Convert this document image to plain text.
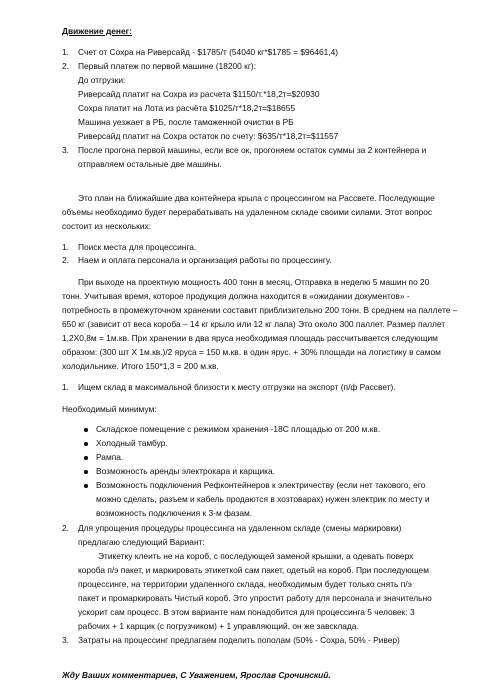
Движение денег:
1. Счет от Сохра на Риверсайд - $1785/т (54040 кг*$1785 = $96461,4)
2. Первый платеж по первой машине (18200 кг):
До отгрузки:
Риверсайд платит на Сохра из расчета $1150/т.*18,2т=$20930
Сохра платит на Лота из расчёта $1025/т*18,2т=$18655
Машина уезжает в РБ, после таможенной очистки в РБ
Риверсайд платит на Сохра остаток по счету: $635/т*18,2т=$11557
3. После прогона первой машины, если все ок, прогоняем остаток суммы за 2 контейнера и
отправляем остальные две машины.
Это план на ближайшие два контейнера крыла с процессингом на Рассвете. Последующие
объемы необходимо будет перерабатывать на удаленном складе своими силами. Этот вопрос
состоит из нескольких:
1. Поиск места для процессинга.
2. Наем и оплата персонала и организация работы по процессингу.
При выходе на проектную мощность 400 тонн в месяц, Отправка в неделю 5 машин по 20
тонн. Учитывая время, которое продукция должна находится в «ожидании документов» -
потребность в промежуточном хранении составит приблизительно 200 тонн. В среднем на паллете –
650 кг (зависит от веса короба – 14 кг крыло или 12 кг лапа) Это около 300 паллет. Размер паллет
1,2Х0,8м = 1м.кв. При хранении в два яруса необходимая площадь рассчитывается следующим
образом: (300 шт Х 1м.кв.)/2 яруса = 150 м.кв. в один ярус. + 30% площади на логистику в самом
холодильнике. Итого 150*1,3 = 200 м.кв.
1. Ищем склад в максимальной близости к месту отгрузки на экспорт (п/ф Рассвет).
Необходимый минимум:
Складское помещение с режимом хранения -18С площадью от 200 м.кв.
Холодный тамбур.
Рампа.
Возможность аренды электрокара и карщика.
Возможность подключения Рефконтейнеров к электричеству (если нет такового, его
можно сделать, разъем и кабель продаются в хозтоварах) нужен электрик по месту и
возможность подключения к 3-м фазам.
2. Для упрощения процедуры процессинга на удаленном складе (смены маркировки)
предлагаю следующий Вариант:
Этикетку клеить не на короб, с последующей заменой крышки, а одевать поверх
короба п/э пакет, и маркировать этикеткой сам пакет, одетый на короб. При последующем
процессинге, на территории удаленного склада, необходимым будет только снять п/э
пакет и промаркировать Чистый короб. Это упростит работу для персонала и значительно
ускорит сам процесс. В этом варианте нам понадобится для процессинга 5 человек: 3
рабочих + 1 карщик (с погрузчиком) + 1 управляющий, он же завсклада.
3. Затраты на процессинг предлагаем поделить пополам (50% - Сохра, 50% - Ривер)
Жду Ваших комментариев, С Уважением, Ярослав Срочинский.
